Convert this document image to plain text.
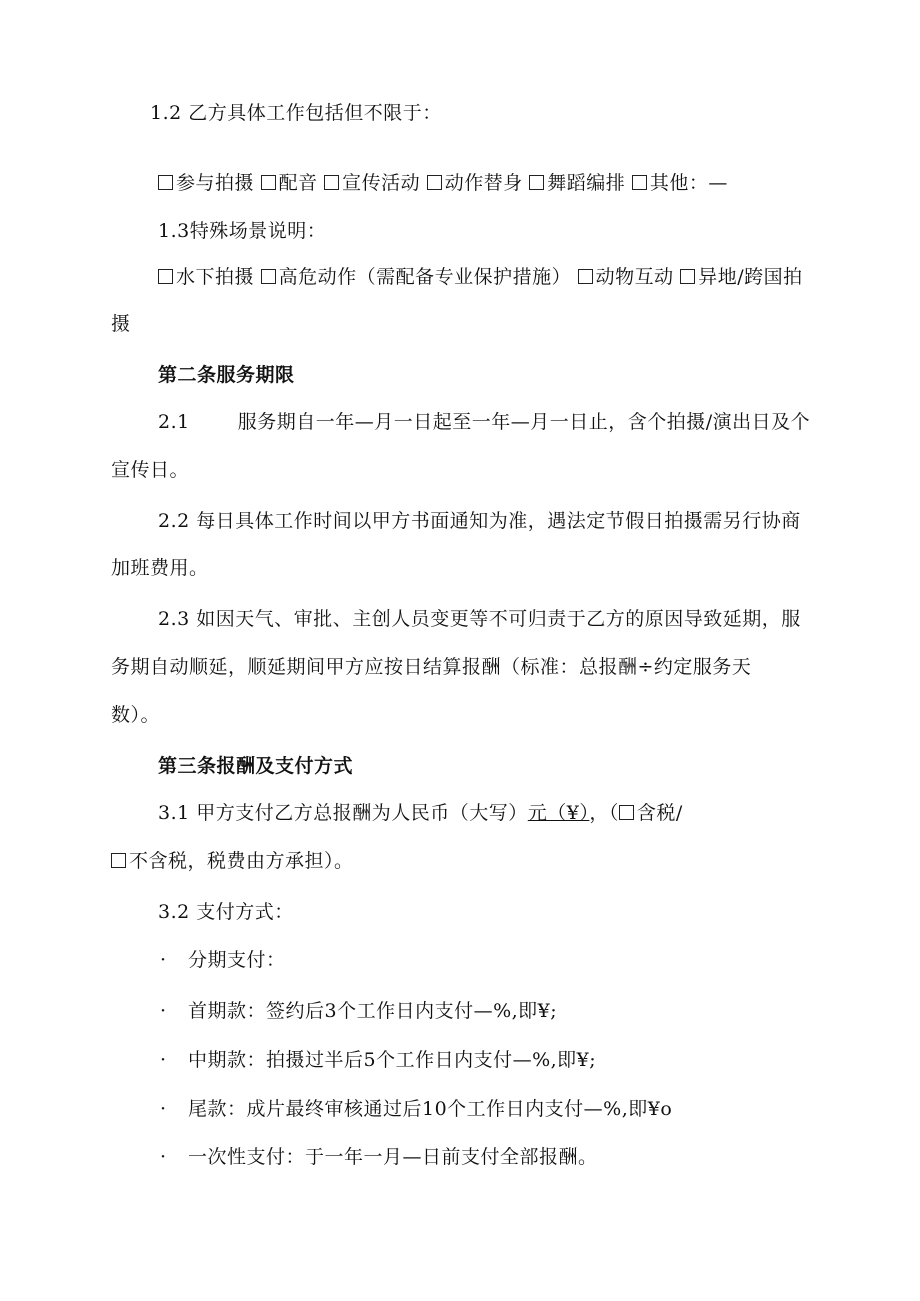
1.2 乙方具体工作包括但不限于：
参与拍摄 配音 宣传活动 动作替身 舞蹈编排 其他：—
1.3特殊场景说明：
水下拍摄 高危动作（需配备专业保护措施） 动物互动 异地/跨国拍
摄
第二条服务期限
2.1	服务期自一年—月一日起至一年—月一日止，含个拍摄/演出日及个
宣传日。
2.2 每日具体工作时间以甲方书面通知为准，遇法定节假日拍摄需另行协商
加班费用。
2.3 如因天气、审批、主创人员变更等不可归责于乙方的原因导致延期，服
务期自动顺延，顺延期间甲方应按日结算报酬（标准：总报酬÷约定服务天
数）。
第三条报酬及支付方式
3.1 甲方支付乙方总报酬为人民币（大写）元（¥），（ 含税/
不含税，税费由方承担）。
3.2 支付方式：
· 分期支付：
· 首期款：签约后3个工作日内支付—%,即¥;
· 中期款：拍摄过半后5个工作日内支付—%,即¥;
· 尾款：成片最终审核通过后10个工作日内支付—%,即¥o
· 一次性支付：于一年一月—日前支付全部报酬。
